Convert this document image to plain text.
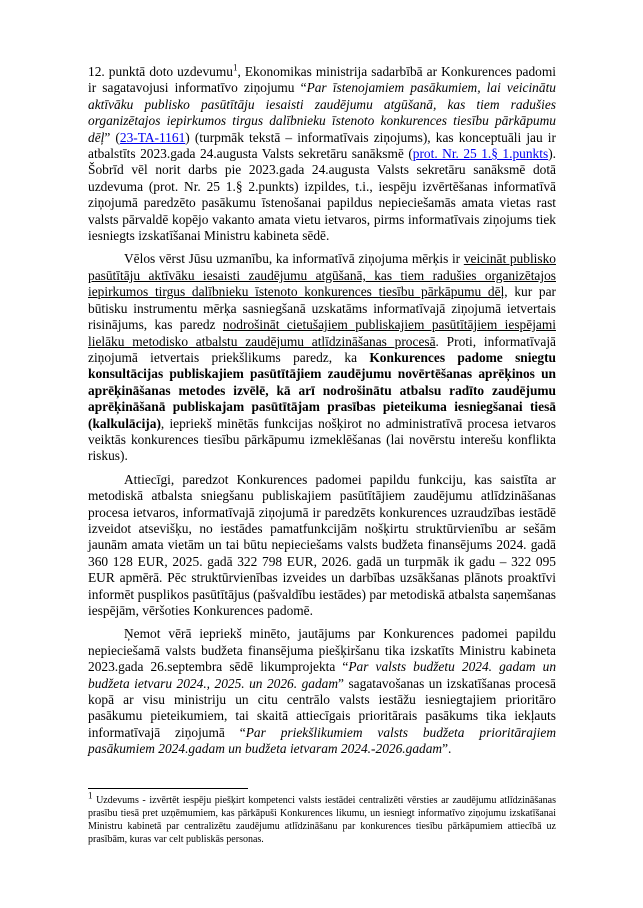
12. punktā doto uzdevumu$^1$, Ekonomikas ministrija sadarbībā ar Konkurences padomi ir sagatavojusi informatīvo ziņojumu “Par īstenojamiem pasākumiem, lai veicinātu aktīvāku publisko pasūtītāju iesaisti zaudējumu atgūšanā, kas tiem radušies organizētajos iepirkumos tirgus dalībnieku īstenoto konkurences tiesību pārkāpumu dēļ” (23-TA-1161) (turpmāk tekstā – informatīvais ziņojums), kas konceptuāli jau ir atbalstīts 2023.gada 24.augusta Valsts sekretāru sanāksmē (prot. Nr. 25 1.§ 1.punkts). Šobrīd vēl norit darbs pie 2023.gada 24.augusta Valsts sekretāru sanāksmē dotā uzdevuma (prot. Nr. 25 1.§ 2.punkts) izpildes, t.i., iespēju izvērtēšanas informatīvā ziņojumā paredzēto pasākumu īstenošanai papildus nepieciešamās amata vietas rast valsts pārvaldē kopējo vakanto amata vietu ietvaros, pirms informatīvais ziņojums tiek iesniegts izskatīšanai Ministru kabineta sēdē.

Vēlos vērst Jūsu uzmanību, ka informatīvā ziņojuma mērķis ir veicināt publisko pasūtītāju aktīvāku iesaisti zaudējumu atgūšanā, kas tiem radušies organizētajos iepirkumos tirgus dalībnieku īstenoto konkurences tiesību pārkāpumu dēļ, kur par būtisku instrumentu mērķa sasniegšanā uzskatāms informatīvajā ziņojumā ietvertais risinājums, kas paredz nodrošināt cietušajiem publiskajiem pasūtītājiem iespējami lielāku metodisko atbalstu zaudējumu atlīdzināšanas procesā. Proti, informatīvajā ziņojumā ietvertais priekšlikums paredz, ka Konkurences padome sniegtu konsultācijas publiskajiem pasūtītājiem zaudējumu novērtēšanas aprēķinos un aprēķināšanas metodes izvēlē, kā arī nodrošinātu atbalsu radīto zaudējumu aprēķināšanā publiskajam pasūtītājam prasības pieteikuma iesniegšanai tiesā (kalkulācija), iepriekš minētās funkcijas nošķirot no administratīvā procesa ietvaros veiktās konkurences tiesību pārkāpumu izmeklēšanas (lai novērstu interešu konflikta riskus).

Attiecīgi, paredzot Konkurences padomei papildu funkciju, kas saistīta ar metodiskā atbalsta sniegšanu publiskajiem pasūtītājiem zaudējumu atlīdzināšanas procesa ietvaros, informatīvajā ziņojumā ir paredzēts konkurences uzraudzības iestādē izveidot atsevišķu, no iestādes pamatfunkcijām nošķirtu struktūrvienību ar sešām jaunām amata vietām un tai būtu nepieciešams valsts budžeta finansējums 2024. gadā 360 128 EUR, 2025. gadā 322 798 EUR, 2026. gadā un turpmāk ik gadu – 322 095 EUR apmērā. Pēc struktūrvienības izveides un darbības uzsākšanas plānots proaktīvi informēt pusplikos pasūtītājus (pašvaldību iestādes) par metodiskā atbalsta saņemšanas iespējām, vēršoties Konkurences padomē.

Ņemot vērā iepriekš minēto, jautājums par Konkurences padomei papildu nepieciešamā valsts budžeta finansējuma piešķiršanu tika izskatīts Ministru kabineta 2023.gada 26.septembra sēdē likumprojekta “Par valsts budžetu 2024. gadam un budžeta ietvaru 2024., 2025. un 2026. gadam” sagatavošanas un izskatīšanas procesā kopā ar visu ministriju un citu centrālo valsts iestāžu iesniegtajiem prioritāro pasākumu pieteikumiem, tai skaitā attiecīgais prioritārais pasākums tika iekļauts informatīvajā ziņojumā “Par priekšlikumiem valsts budžeta prioritārajiem pasākumiem 2024.gadam un budžeta ietvaram 2024.-2026.gadam”.

$^1$ Uzdevums - izvērtēt iespēju piešķirt kompetenci valsts iestādei centralizēti vērsties ar zaudējumu atlīdzināšanas prasību tiesā pret uzņēmumiem, kas pārkāpuši Konkurences likumu, un iesniegt informatīvo ziņojumu izskatīšanai Ministru kabinetā par centralizētu zaudējumu atlīdzināšanu par konkurences tiesību pārkāpumiem attiecībā uz prasībām, kuras var celt publiskās personas.
